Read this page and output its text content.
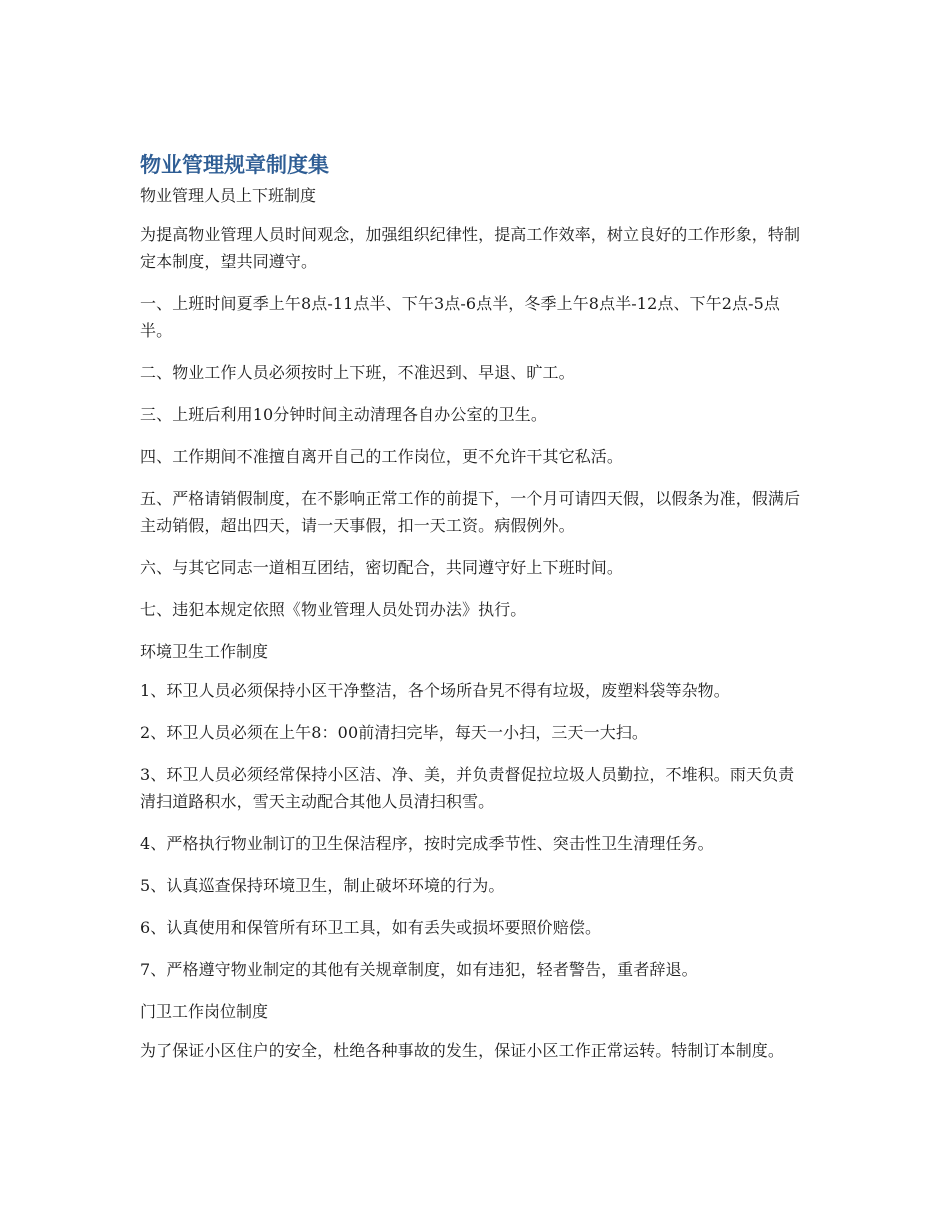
物业管理规章制度集

物业管理人员上下班制度

为提高物业管理人员时间观念，加强组织纪律性，提高工作效率，树立良好的工作形象，特制定本制度，望共同遵守。

一、上班时间夏季上午8点-11点半、下午3点-6点半，冬季上午8点半-12点、下午2点-5点半。

二、物业工作人员必须按时上下班，不准迟到、早退、旷工。

三、上班后利用10分钟时间主动清理各自办公室的卫生。

四、工作期间不准擅自离开自己的工作岗位，更不允许干其它私活。

五、严格请销假制度，在不影响正常工作的前提下，一个月可请四天假，以假条为准，假满后主动销假，超出四天，请一天事假，扣一天工资。病假例外。

六、与其它同志一道相互团结，密切配合，共同遵守好上下班时间。

七、违犯本规定依照《物业管理人员处罚办法》执行。

环境卫生工作制度

1、环卫人员必须保持小区干净整洁，各个场所旮旯不得有垃圾，废塑料袋等杂物。

2、环卫人员必须在上午8：00前清扫完毕，每天一小扫，三天一大扫。

3、环卫人员必须经常保持小区洁、净、美，并负责督促拉垃圾人员勤拉，不堆积。雨天负责清扫道路积水，雪天主动配合其他人员清扫积雪。

4、严格执行物业制订的卫生保洁程序，按时完成季节性、突击性卫生清理任务。

5、认真巡查保持环境卫生，制止破坏环境的行为。

6、认真使用和保管所有环卫工具，如有丢失或损坏要照价赔偿。

7、严格遵守物业制定的其他有关规章制度，如有违犯，轻者警告，重者辞退。

门卫工作岗位制度

为了保证小区住户的安全，杜绝各种事故的发生，保证小区工作正常运转。特制订本制度。
